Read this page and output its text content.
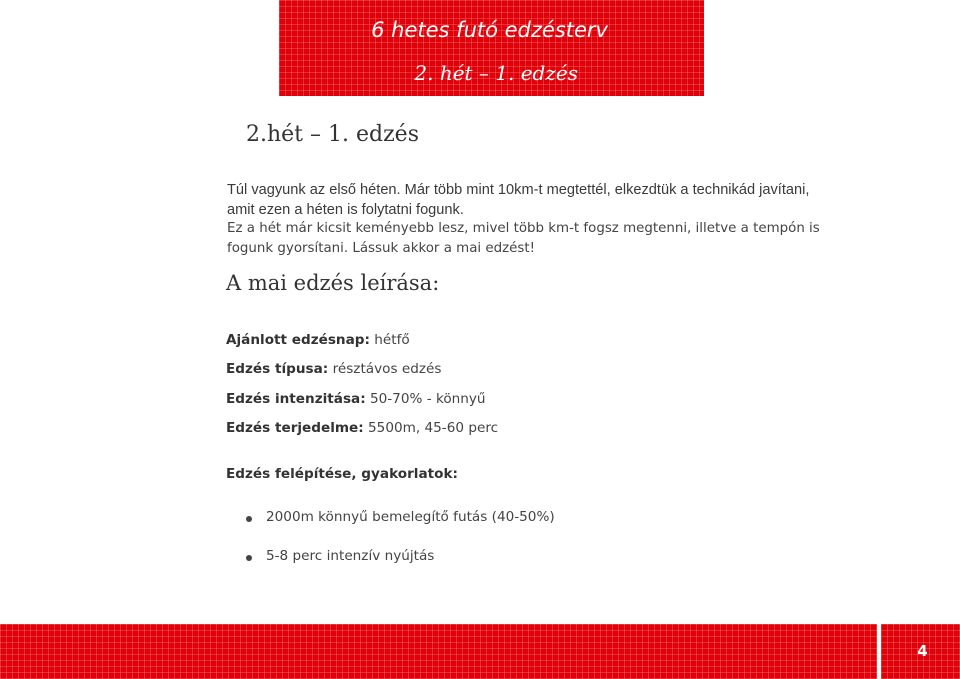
6 hetes futó edzésterv
2. hét – 1. edzés
2.hét – 1. edzés
Túl vagyunk az első héten. Már több mint 10km-t megtettél, elkezdtük a technikád javítani, amit ezen a héten is folytatni fogunk.
Ez a hét már kicsit keményebb lesz, mivel több km-t fogsz megtenni, illetve a tempón is fogunk gyorsítani. Lássuk akkor a mai edzést!
A mai edzés leírása:
Ajánlott edzésnap: hétfő
Edzés típusa: résztávos edzés
Edzés intenzitása: 50-70% - könnyű
Edzés terjedelme: 5500m, 45-60 perc
Edzés felépítése, gyakorlatok:
2000m könnyű bemelegítő futás (40-50%)
5-8 perc intenzív nyújtás
4
